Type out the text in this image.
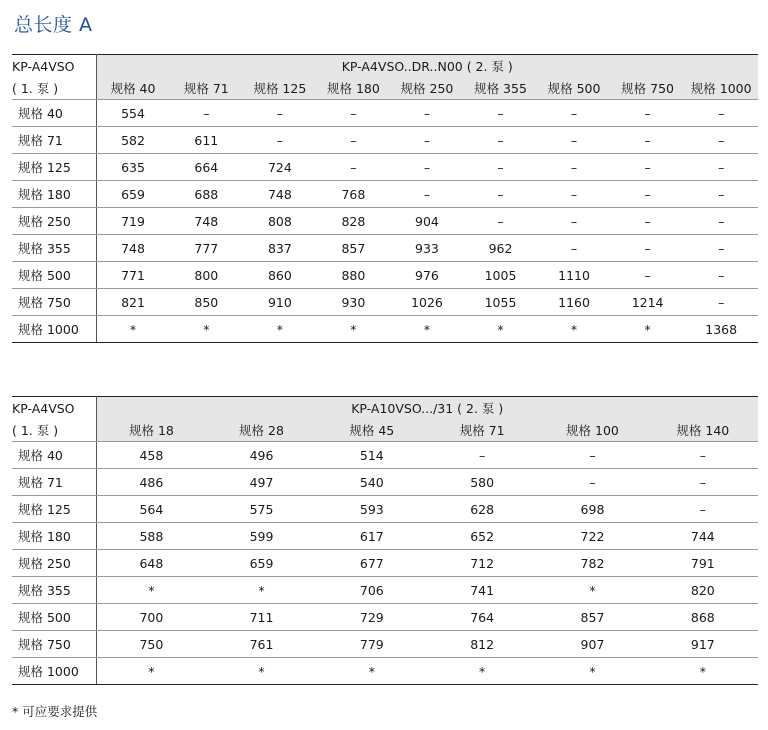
总长度 A
KP-A4VSO	KP-A4VSO..DR..N00 ( 2. 泵 )								
( 1. 泵 )	规格 40	规格 71	规格 125	规格 180	规格 250	规格 355	规格 500	规格 750	规格 1000
规格 40	554	–	–	–	–	–	–	–	–
规格 71	582	611	–	–	–	–	–	–	–
规格 125	635	664	724	–	–	–	–	–	–
规格 180	659	688	748	768	–	–	–	–	–
规格 250	719	748	808	828	904	–	–	–	–
规格 355	748	777	837	857	933	962	–	–	–
规格 500	771	800	860	880	976	1005	1110	–	–
规格 750	821	850	910	930	1026	1055	1160	1214	–
规格 1000	*	*	*	*	*	*	*	*	1368
KP-A4VSO	KP-A10VSO.../31 ( 2. 泵 )					
( 1. 泵 )	规格 18	规格 28	规格 45	规格 71	规格 100	规格 140
规格 40	458	496	514	–	–	–
规格 71	486	497	540	580	–	–
规格 125	564	575	593	628	698	–
规格 180	588	599	617	652	722	744
规格 250	648	659	677	712	782	791
规格 355	*	*	706	741	*	820
规格 500	700	711	729	764	857	868
规格 750	750	761	779	812	907	917
规格 1000	*	*	*	*	*	*
* 可应要求提供
